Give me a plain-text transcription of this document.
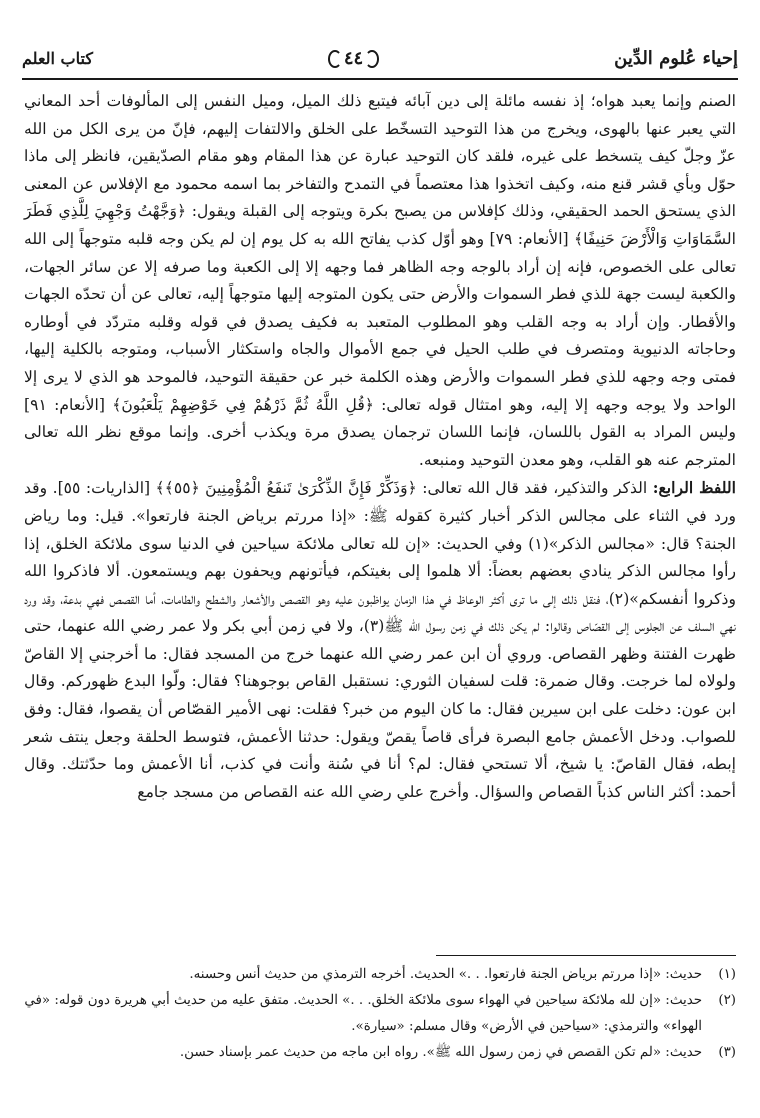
إحياء عُلوم الدِّين
٤٤
كتاب العلم

الصنم وإنما يعبد هواه؛ إذ نفسه مائلة إلى دين آبائه فيتبع ذلك الميل، وميل النفس إلى المألوفات أحد المعاني التي يعبر عنها بالهوى، ويخرج من هذا التوحيد التسخّط على الخلق والالتفات إليهم، فإنّ من يرى الكل من الله عزّ وجلّ كيف يتسخط على غيره، فلقد كان التوحيد عبارة عن هذا المقام وهو مقام الصدّيقين، فانظر إلى ماذا حوّل وبأي قشر قنع منه، وكيف اتخذوا هذا معتصماً في التمدح والتفاخر بما اسمه محمود مع الإفلاس عن المعنى الذي يستحق الحمد الحقيقي، وذلك كإفلاس من يصبح بكرة ويتوجه إلى القبلة ويقول: ﴿وَجَّهْتُ وَجْهِيَ لِلَّذِي فَطَرَ السَّمَاوَاتِ وَالْأَرْضَ حَنِيفًا﴾ [الأنعام: ٧٩] وهو أوّل كذب يفاتح الله به كل يوم إن لم يكن وجه قلبه متوجهاً إلى الله تعالى على الخصوص، فإنه إن أراد بالوجه وجه الظاهر فما وجهه إلا إلى الكعبة وما صرفه إلا عن سائر الجهات، والكعبة ليست جهة للذي فطر السموات والأرض حتى يكون المتوجه إليها متوجهاً إليه، تعالى عن أن تحدّه الجهات والأقطار. وإن أراد به وجه القلب وهو المطلوب المتعبد به فكيف يصدق في قوله وقلبه متردّد في أوطاره وحاجاته الدنيوية ومتصرف في طلب الحيل في جمع الأموال والجاه واستكثار الأسباب، ومتوجه بالكلية إليها، فمتى وجه وجهه للذي فطر السموات والأرض وهذه الكلمة خبر عن حقيقة التوحيد، فالموحد هو الذي لا يرى إلا الواحد ولا يوجه وجهه إلا إليه، وهو امتثال قوله تعالى: ﴿قُلِ اللَّهُ ثُمَّ ذَرْهُمْ فِي خَوْضِهِمْ يَلْعَبُونَ﴾ [الأنعام: ٩١] وليس المراد به القول باللسان، فإنما اللسان ترجمان يصدق مرة ويكذب أخرى. وإنما موقع نظر الله تعالى المترجم عنه هو القلب، وهو معدن التوحيد ومنبعه.

اللفظ الرابع: الذكر والتذكير، فقد قال الله تعالى: ﴿وَذَكِّرْ فَإِنَّ الذِّكْرَىٰ تَنفَعُ الْمُؤْمِنِينَ ﴿٥٥﴾﴾ [الذاريات: ٥٥]. وقد ورد في الثناء على مجالس الذكر أخبار كثيرة كقوله ﷺ: «إذا مررتم برياض الجنة فارتعوا». قيل: وما رياض الجنة؟ قال: «مجالس الذكر»(١) وفي الحديث: «إن لله تعالى ملائكة سياحين في الدنيا سوى ملائكة الخلق، إذا رأوا مجالس الذكر ينادي بعضهم بعضاً: ألا هلموا إلى بغيتكم، فيأتونهم ويحفون بهم ويستمعون. ألا فاذكروا الله وذكروا أنفسكم»(٢)، فنقل ذلك إلى ما ترى أكثر الوعاظ في هذا الزمان يواظبون عليه وهو القصص والأشعار والشطح والطامات، أما القصص فهي بدعة، وقد ورد نهي السلف عن الجلوس إلى القصّاص وقالوا: لم يكن ذلك في زمن رسول الله ﷺ(٣)، ولا في زمن أبي بكر ولا عمر رضي الله عنهما، حتى ظهرت الفتنة وظهر القصاص. وروي أن ابن عمر رضي الله عنهما خرج من المسجد فقال: ما أخرجني إلا القاصّ ولولاه لما خرجت. وقال ضمرة: قلت لسفيان الثوري: نستقبل القاص بوجوهنا؟ فقال: ولّوا البدع ظهوركم. وقال ابن عون: دخلت على ابن سيرين فقال: ما كان اليوم من خبر؟ فقلت: نهى الأمير القصّاص أن يقصوا، فقال: وفق للصواب. ودخل الأعمش جامع البصرة فرأى قاصاً يقصّ ويقول: حدثنا الأعمش، فتوسط الحلقة وجعل ينتف شعر إبطه، فقال القاصّ: يا شيخ، ألا تستحي فقال: لم؟ أنا في سُنة وأنت في كذب، أنا الأعمش وما حدّثتك. وقال أحمد: أكثر الناس كذباً القصاص والسؤال. وأخرج علي رضي الله عنه القصاص من مسجد جامع

(١)
حديث: «إذا مررتم برياض الجنة فارتعوا. . .» الحديث. أخرجه الترمذي من حديث أنس وحسنه.
(٢)
حديث: «إن لله ملائكة سياحين في الهواء سوى ملائكة الخلق. . .» الحديث. متفق عليه من حديث أبي هريرة دون قوله: «في الهواء» والترمذي: «سياحين في الأرض» وقال مسلم: «سيارة».
(٣)
حديث: «لم تكن القصص في زمن رسول الله ﷺ». رواه ابن ماجه من حديث عمر بإسناد حسن.
